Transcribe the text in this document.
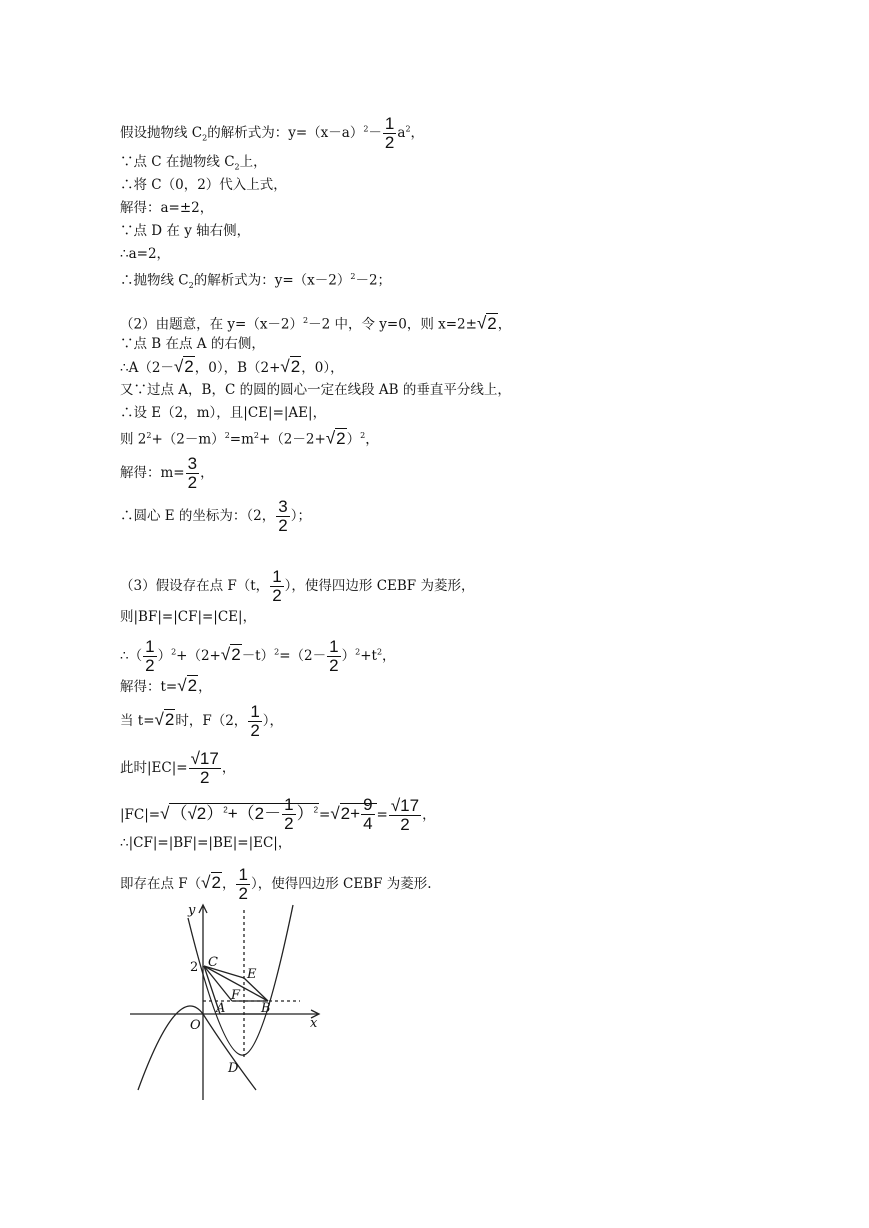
假设抛物线 $C_2$的解析式为：$y=(x-a)^2- \frac{1}{2} a^2$，
∵点 C 在抛物线 $C_2$上，
∴将 C（0，2）代入上式，
解得：a=±2，
∵点 D 在 y 轴右侧，
∴a=2，
∴抛物线 $C_2$的解析式为：$y=(x-2)^2-2$；
（2）由题意，在 $y=(x-2)^2-2$ 中，令 y=0，则 x=2±√2，
∵点 B 在点 A 的右侧，
∴A（2－√2，0），B（2+√2，0），
又∵过点 A，B，C 的圆的圆心一定在线段 AB 的垂直平分线上，
∴设 E（2，m），且|CE|=|AE|，
则 $2^2+(2-m)^2=m^2+(2-2+√2)^2$，
解得：$m= \frac{3}{2}$ ，
∴圆心 E 的坐标为：（2， $\frac{3}{2}$ ）；
（3）假设存在点 F（t， $\frac{1}{2}$ ），使得四边形 CEBF 为菱形，
则|BF|=|CF|=|CE|，
∴（ $\frac{1}{2} )^2+(2+√2-t)^2=(2- \frac{1}{2} )^2+t^2$，
解得：t=√2，
当 t=√2时，F（2， $\frac{1}{2}$ ），
此时$|EC|= \frac{√17}{2}$ ，
$|FC|=√(√2)^2+(2- \frac{1}{2} )^2=√2+ \frac{9}{4} = \frac{√17}{2}$ ，
∴|CF|=|BF|=|BE|=|EC|，
即存在点 F（√2， $\frac{1}{2}$ ），使得四边形 CEBF 为菱形.
y
x
2 C
E
F
A	B
O
D
